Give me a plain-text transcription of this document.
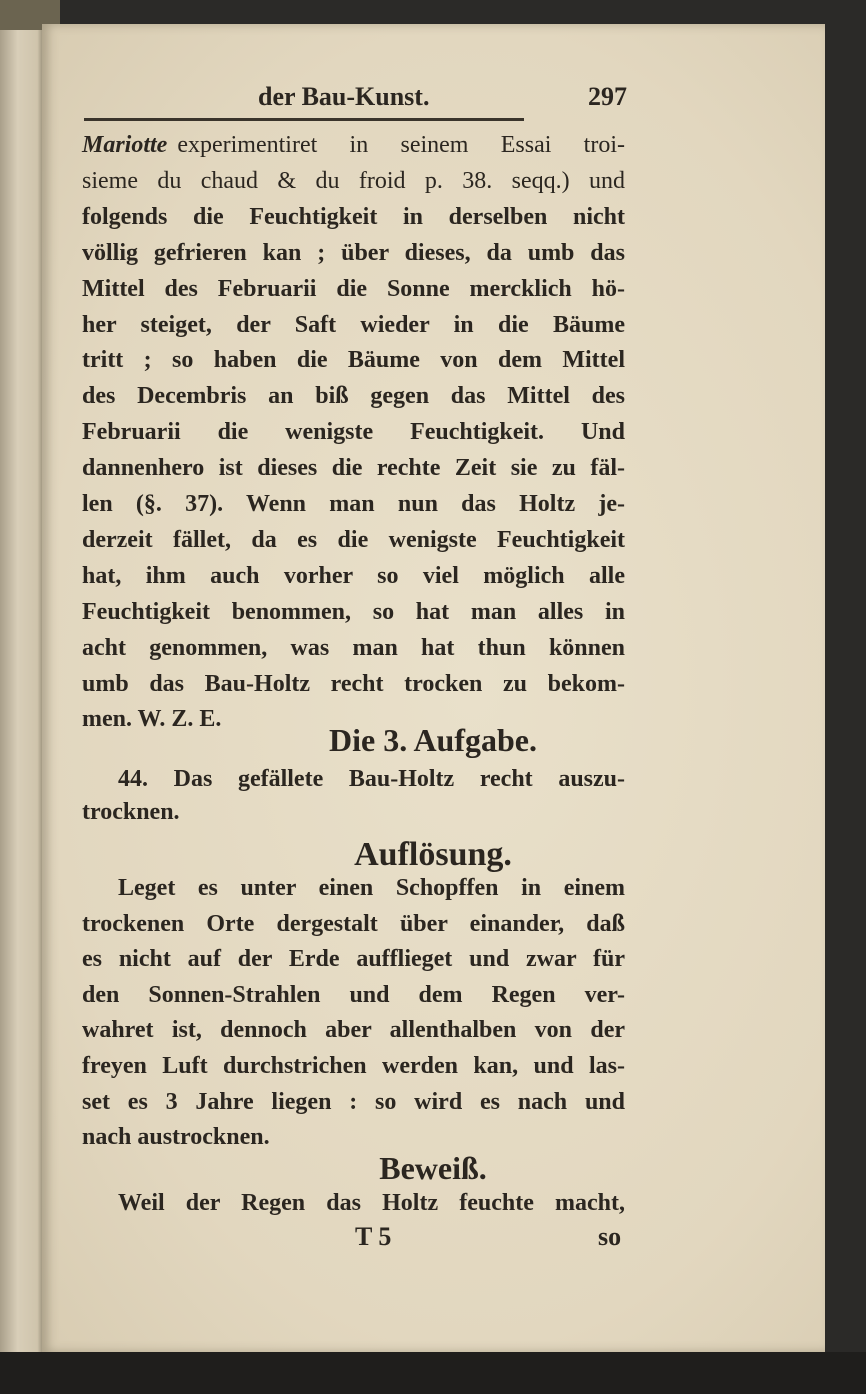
der Bau-Kunst.	297
Mariotte experimentiret in seinem Essai troi-
sieme du chaud & du froid p. 38. seqq.) und
folgends die Feuchtigkeit in derselben nicht
völlig gefrieren kan ; über dieses, da umb das
Mittel des Februarii die Sonne mercklich hö-
her steiget, der Saft wieder in die Bäume
tritt ; so haben die Bäume von dem Mittel
des Decembris an biß gegen das Mittel des
Februarii die wenigste Feuchtigkeit. Und
dannenhero ist dieses die rechte Zeit sie zu fäl-
len (§. 37). Wenn man nun das Holtz je-
derzeit fället, da es die wenigste Feuchtigkeit
hat, ihm auch vorher so viel möglich alle
Feuchtigkeit benommen, so hat man alles in
acht genommen, was man hat thun können
umb das Bau-Holtz recht trocken zu bekom-
men. W. Z. E.
Die 3. Aufgabe.
44. Das gefällete Bau-Holtz recht auszu-
trocknen.
Auflösung.
Leget es unter einen Schopffen in einem
trockenen Orte dergestalt über einander, daß
es nicht auf der Erde aufflieget und zwar für
den Sonnen-Strahlen und dem Regen ver-
wahret ist, dennoch aber allenthalben von der
freyen Luft durchstrichen werden kan, und las-
set es 3 Jahre liegen : so wird es nach und
nach austrocknen.
Beweiß.
Weil der Regen das Holtz feuchte macht,
T 5	so
